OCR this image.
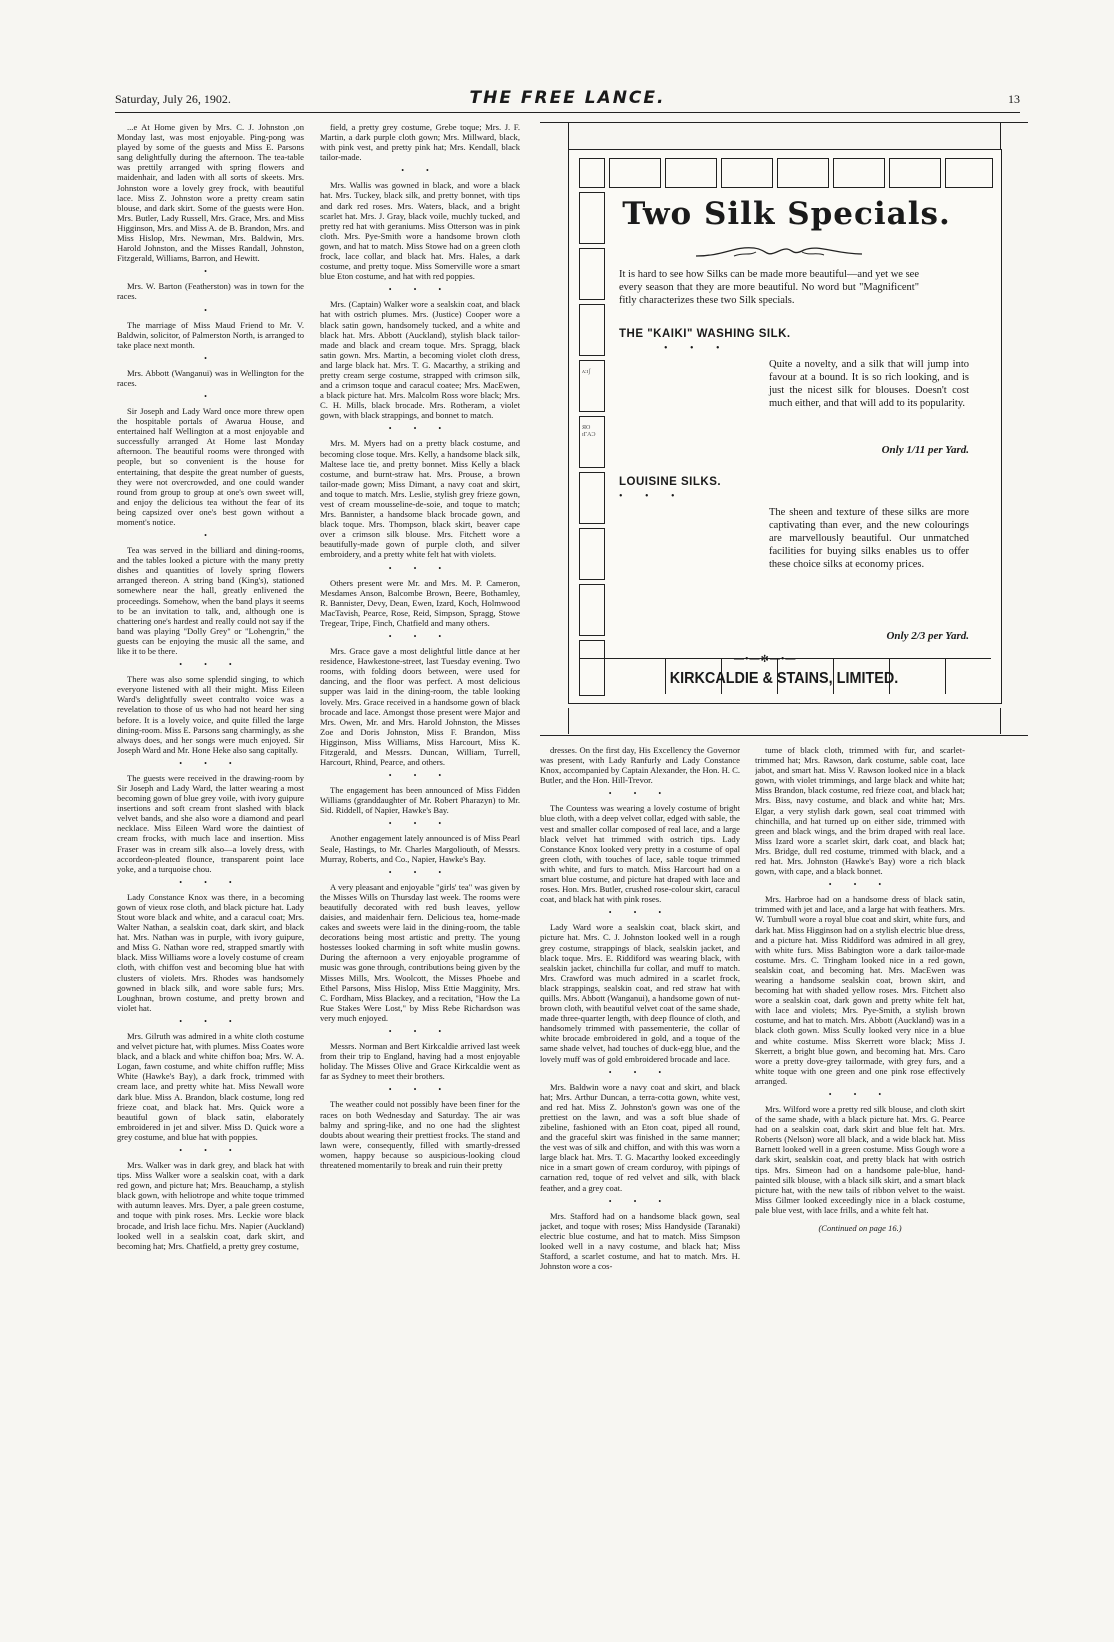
Saturday, July 26, 1902.	THE FREE LANCE.	13

...e At Home given by Mrs. C. J. Johnston ,on Monday last, was most enjoyable. Ping-pong was played by some of the guests and Miss E. Parsons sang delightfully during the afternoon. The tea-table was prettily arranged with spring flowers and maidenhair, and laden with all sorts of skeets. Mrs. Johnston wore a lovely grey frock, with beautiful lace. Miss Z. Johnston wore a pretty cream satin blouse, and dark skirt. Some of the guests were Hon. Mrs. Butler, Lady Russell, Mrs. Grace, Mrs. and Miss Higginson, Mrs. and Miss A. de B. Brandon, Mrs. and Miss Hislop, Mrs. Newman, Mrs. Baldwin, Mrs. Harold Johnston, and the Misses Randall, Johnston, Fitzgerald, Williams, Barron, and Hewitt.

•

Mrs. W. Barton (Featherston) was in town for the races.

•

The marriage of Miss Maud Friend to Mr. V. Baldwin, solicitor, of Palmerston North, is arranged to take place next month.

•

Mrs. Abbott (Wanganui) was in Wellington for the races.

•

Sir Joseph and Lady Ward once more threw open the hospitable portals of Awarua House, and entertained half Wellington at a most enjoyable and successfully arranged At Home last Monday afternoon. The beautiful rooms were thronged with people, but so convenient is the house for entertaining, that despite the great number of guests, they were not overcrowded, and one could wander round from group to group at one's own sweet will, and enjoy the delicious tea without the fear of its being capsized over one's best gown without a moment's notice.

•

Tea was served in the billiard and dining-rooms, and the tables looked a picture with the many pretty dishes and quantities of lovely spring flowers arranged thereon. A string band (King's), stationed somewhere near the hall, greatly enlivened the proceedings. Somehow, when the band plays it seems to be an invitation to talk, and, although one is chattering one's hardest and really could not say if the band was playing "Dolly Grey" or "Lohengrin," the guests can be enjoying the music all the same, and like it to be there.

• • •

There was also some splendid singing, to which everyone listened with all their might. Miss Eileen Ward's delightfully sweet contralto voice was a revelation to those of us who had not heard her sing before. It is a lovely voice, and quite filled the large dining-room. Miss E. Parsons sang charmingly, as she always does, and her songs were much enjoyed. Sir Joseph Ward and Mr. Hone Heke also sang capitally.

• • •

The guests were received in the drawing-room by Sir Joseph and Lady Ward, the latter wearing a most becoming gown of blue grey voile, with ivory guipure insertions and soft cream front slashed with black velvet bands, and she also wore a diamond and pearl necklace. Miss Eileen Ward wore the daintiest of cream frocks, with much lace and insertion. Miss Fraser was in cream silk also—a lovely dress, with accordeon-pleated flounce, transparent point lace yoke, and a turquoise chou.

• • •

Lady Constance Knox was there, in a becoming gown of vieux rose cloth, and black picture hat. Lady Stout wore black and white, and a caracul coat; Mrs. Walter Nathan, a sealskin coat, dark skirt, and black hat. Mrs. Nathan was in purple, with ivory guipure, and Miss G. Nathan wore red, strapped smartly with black. Miss Williams wore a lovely costume of cream cloth, with chiffon vest and becoming blue hat with clusters of violets. Mrs. Rhodes was handsomely gowned in black silk, and wore sable furs; Mrs. Loughnan, brown costume, and pretty brown and violet hat.

• • •

Mrs. Gilruth was admired in a white cloth costume and velvet picture hat, with plumes. Miss Coates wore black, and a black and white chiffon boa; Mrs. W. A. Logan, fawn costume, and white chiffon ruffle; Miss White (Hawke's Bay), a dark frock, trimmed with cream lace, and pretty white hat. Miss Newall wore dark blue. Miss A. Brandon, black costume, long red frieze coat, and black hat. Mrs. Quick wore a beautiful gown of black satin, elaborately embroidered in jet and silver. Miss D. Quick wore a grey costume, and blue hat with poppies.

• • •

Mrs. Walker was in dark grey, and black hat with tips. Miss Walker wore a sealskin coat, with a dark red gown, and picture hat; Mrs. Beauchamp, a stylish black gown, with heliotrope and white toque trimmed with autumn leaves. Mrs. Dyer, a pale green costume, and toque with pink roses. Mrs. Leckie wore black brocade, and Irish lace fichu. Mrs. Napier (Auckland) looked well in a sealskin coat, dark skirt, and becoming hat; Mrs. Chatfield, a pretty grey costume,

field, a pretty grey costume, Grebe toque; Mrs. J. F. Martin, a dark purple cloth gown; Mrs. Millward, black, with pink vest, and pretty pink hat; Mrs. Kendall, black tailor-made.

• •

Mrs. Wallis was gowned in black, and wore a black hat. Mrs. Tuckey, black silk, and pretty bonnet, with tips and dark red roses. Mrs. Waters, black, and a bright scarlet hat. Mrs. J. Gray, black voile, muchly tucked, and pretty red hat with geraniums. Miss Otterson was in pink cloth. Mrs. Pye-Smith wore a handsome brown cloth gown, and hat to match. Miss Stowe had on a green cloth frock, lace collar, and black hat. Mrs. Hales, a dark costume, and pretty toque. Miss Somerville wore a smart blue Eton costume, and hat with red poppies.

• • •

Mrs. (Captain) Walker wore a sealskin coat, and black hat with ostrich plumes. Mrs. (Justice) Cooper wore a black satin gown, handsomely tucked, and a white and black hat. Mrs. Abbott (Auckland), stylish black tailor-made and black and cream toque. Mrs. Spragg, black satin gown. Mrs. Martin, a becoming violet cloth dress, and large black hat. Mrs. T. G. Macarthy, a striking and pretty cream serge costume, strapped with crimson silk, and a crimson toque and caracul coatee; Mrs. MacEwen, a black picture hat. Mrs. Malcolm Ross wore black; Mrs. C. H. Mills, black brocade. Mrs. Rotheram, a violet gown, with black strappings, and bonnet to match.

• • •

Mrs. M. Myers had on a pretty black costume, and becoming close toque. Mrs. Kelly, a handsome black silk, Maltese lace tie, and pretty bonnet. Miss Kelly a black costume, and burnt-straw hat. Mrs. Prouse, a brown tailor-made gown; Miss Dimant, a navy coat and skirt, and toque to match. Mrs. Leslie, stylish grey frieze gown, vest of cream mousseline-de-soie, and toque to match; Mrs. Bannister, a handsome black brocade gown, and black toque. Mrs. Thompson, black skirt, beaver cape over a crimson silk blouse. Mrs. Fitchett wore a beautifully-made gown of purple cloth, and silver embroidery, and a pretty white felt hat with violets.

• • •

Others present were Mr. and Mrs. M. P. Cameron, Mesdames Anson, Balcombe Brown, Beere, Bothamley, R. Bannister, Devy, Dean, Ewen, Izard, Koch, Holmwood MacTavish, Pearce, Rose, Reid, Simpson, Spragg, Stowe Tregear, Tripe, Finch, Chatfield and many others.

• • •

Mrs. Grace gave a most delightful little dance at her residence, Hawkestone-street, last Tuesday evening. Two rooms, with folding doors between, were used for dancing, and the floor was perfect. A most delicious supper was laid in the dining-room, the table looking lovely. Mrs. Grace received in a handsome gown of black brocade and lace. Amongst those present were Major and Mrs. Owen, Mr. and Mrs. Harold Johnston, the Misses Zoe and Doris Johnston, Miss F. Brandon, Miss Higginson, Miss Williams, Miss Harcourt, Miss K. Fitzgerald, and Messrs. Duncan, William, Turrell, Harcourt, Rhind, Pearce, and others.

• • •

The engagement has been announced of Miss Fidden Williams (granddaughter of Mr. Robert Pharazyn) to Mr. Sid. Riddell, of Napier, Hawke's Bay.

• • •

Another engagement lately announced is of Miss Pearl Seale, Hastings, to Mr. Charles Margoliouth, of Messrs. Murray, Roberts, and Co., Napier, Hawke's Bay.

• • •

A very pleasant and enjoyable "girls' tea" was given by the Misses Wills on Thursday last week. The rooms were beautifully decorated with red bush leaves, yellow daisies, and maidenhair fern. Delicious tea, home-made cakes and sweets were laid in the dining-room, the table decorations being most artistic and pretty. The young hostesses looked charming in soft white muslin gowns. During the afternoon a very enjoyable programme of music was gone through, contributions being given by the Misses Mills, Mrs. Woolcott, the Misses Phoebe and Ethel Parsons, Miss Hislop, Miss Ettie Magginity, Mrs. C. Fordham, Miss Blackey, and a recitation, "How the La Rue Stakes Were Lost," by Miss Rebe Richardson was very much enjoyed.

• • •

Messrs. Norman and Bert Kirkcaldie arrived last week from their trip to England, having had a most enjoyable holiday. The Misses Olive and Grace Kirkcaldie went as far as Sydney to meet their brothers.

• • •

The weather could not possibly have been finer for the races on both Wednesday and Saturday. The air was balmy and spring-like, and no one had the slightest doubts about wearing their prettiest frocks. The stand and lawn were, consequently, filled with smartly-dressed women, happy because so auspicious-looking cloud threatened momentarily to break and ruin their pretty

ʌ:ɪʃ
ЯO ɪΓAƆ
Two Silk Specials.
It is hard to see how Silks can be made more beautiful—and yet we see every season that they are more beautiful. No word but "Magnificent" fitly characterizes these two Silk specials.
THE "KAIKI" WASHING SILK.
• • •
Quite a novelty, and a silk that will jump into favour at a bound. It is so rich looking, and is just the nicest silk for blouses. Doesn't cost much either, and that will add to its popularity.
Only 1/11 per Yard.
LOUISINE SILKS.
• • •
The sheen and texture of these silks are more captivating than ever, and the new colourings are marvellously beautiful. Our unmatched facilities for buying silks enables us to offer these choice silks at economy prices.
Only 2/3 per Yard.
—•—✻—•—
KIRKCALDIE & STAINS, LIMITED.

dresses. On the first day, His Excellency the Governor was present, with Lady Ranfurly and Lady Constance Knox, accompanied by Captain Alexander, the Hon. H. C. Butler, and the Hon. Hill-Trevor.

• • •

The Countess was wearing a lovely costume of bright blue cloth, with a deep velvet collar, edged with sable, the vest and smaller collar composed of real lace, and a large black velvet hat trimmed with ostrich tips. Lady Constance Knox looked very pretty in a costume of opal green cloth, with touches of lace, sable toque trimmed with white, and furs to match. Miss Harcourt had on a smart blue costume, and picture hat draped with lace and roses. Hon. Mrs. Butler, crushed rose-colour skirt, caracul coat, and black hat with pink roses.

• • •

Lady Ward wore a sealskin coat, black skirt, and picture hat. Mrs. C. J. Johnston looked well in a rough grey costume, strappings of black, sealskin jacket, and black toque. Mrs. E. Riddiford was wearing black, with sealskin jacket, chinchilla fur collar, and muff to match. Mrs. Crawford was much admired in a scarlet frock, black strappings, sealskin coat, and red straw hat with quills. Mrs. Abbott (Wanganui), a handsome gown of nut-brown cloth, with beautiful velvet coat of the same shade, made three-quarter length, with deep flounce of cloth, and handsomely trimmed with passementerie, the collar of white brocade embroidered in gold, and a toque of the same shade velvet, had touches of duck-egg blue, and the lovely muff was of gold embroidered brocade and lace.

• • •

Mrs. Baldwin wore a navy coat and skirt, and black hat; Mrs. Arthur Duncan, a terra-cotta gown, white vest, and red hat. Miss Z. Johnston's gown was one of the prettiest on the lawn, and was a soft blue shade of zibeline, fashioned with an Eton coat, piped all round, and the graceful skirt was finished in the same manner; the vest was of silk and chiffon, and with this was worn a large black hat. Mrs. T. G. Macarthy looked exceedingly nice in a smart gown of cream corduroy, with pipings of carnation red, toque of red velvet and silk, with black feather, and a grey coat.

• • •

Mrs. Stafford had on a handsome black gown, seal jacket, and toque with roses; Miss Handyside (Taranaki) electric blue costume, and hat to match. Miss Simpson looked well in a navy costume, and black hat; Miss Stafford, a scarlet costume, and hat to match. Mrs. H. Johnston wore a cos-

tume of black cloth, trimmed with fur, and scarlet-trimmed hat; Mrs. Rawson, dark costume, sable coat, lace jabot, and smart hat. Miss V. Rawson looked nice in a black gown, with violet trimmings, and large black and white hat; Miss Brandon, black costume, red frieze coat, and black hat; Mrs. Biss, navy costume, and black and white hat; Mrs. Elgar, a very stylish dark gown, seal coat trimmed with chinchilla, and hat turned up on either side, trimmed with green and black wings, and the brim draped with real lace. Miss Izard wore a scarlet skirt, dark coat, and black hat; Mrs. Bridge, dull red costume, trimmed with black, and a red hat. Mrs. Johnston (Hawke's Bay) wore a rich black gown, with cape, and a black bonnet.

• • •

Mrs. Harbroe had on a handsome dress of black satin, trimmed with jet and lace, and a large hat with feathers. Mrs. W. Turnbull wore a royal blue coat and skirt, white furs, and dark hat. Miss Higginson had on a stylish electric blue dress, and a picture hat. Miss Riddiford was admired in all grey, with white furs. Miss Babington wore a dark tailor-made costume. Mrs. C. Tringham looked nice in a red gown, sealskin coat, and becoming hat. Mrs. MacEwen was wearing a handsome sealskin coat, brown skirt, and becoming hat with shaded yellow roses. Mrs. Fitchett also wore a sealskin coat, dark gown and pretty white felt hat, with lace and violets; Mrs. Pye-Smith, a stylish brown costume, and hat to match. Mrs. Abbott (Auckland) was in a black cloth gown. Miss Scully looked very nice in a blue and white costume. Miss Skerrett wore black; Miss J. Skerrett, a bright blue gown, and becoming hat. Mrs. Caro wore a pretty dove-grey tailormade, with grey furs, and a white toque with one green and one pink rose effectively arranged.

• • •

Mrs. Wilford wore a pretty red silk blouse, and cloth skirt of the same shade, with a black picture hat. Mrs. G. Pearce had on a sealskin coat, dark skirt and blue felt hat. Mrs. Roberts (Nelson) wore all black, and a wide black hat. Miss Barnett looked well in a green costume. Miss Gough wore a dark skirt, sealskin coat, and pretty black hat with ostrich tips. Mrs. Simeon had on a handsome pale-blue, hand-painted silk blouse, with a black silk skirt, and a smart black picture hat, with the new tails of ribbon velvet to the waist. Miss Gilmer looked exceedingly nice in a black costume, pale blue vest, with lace frills, and a white felt hat.

(Continued on page 16.)
